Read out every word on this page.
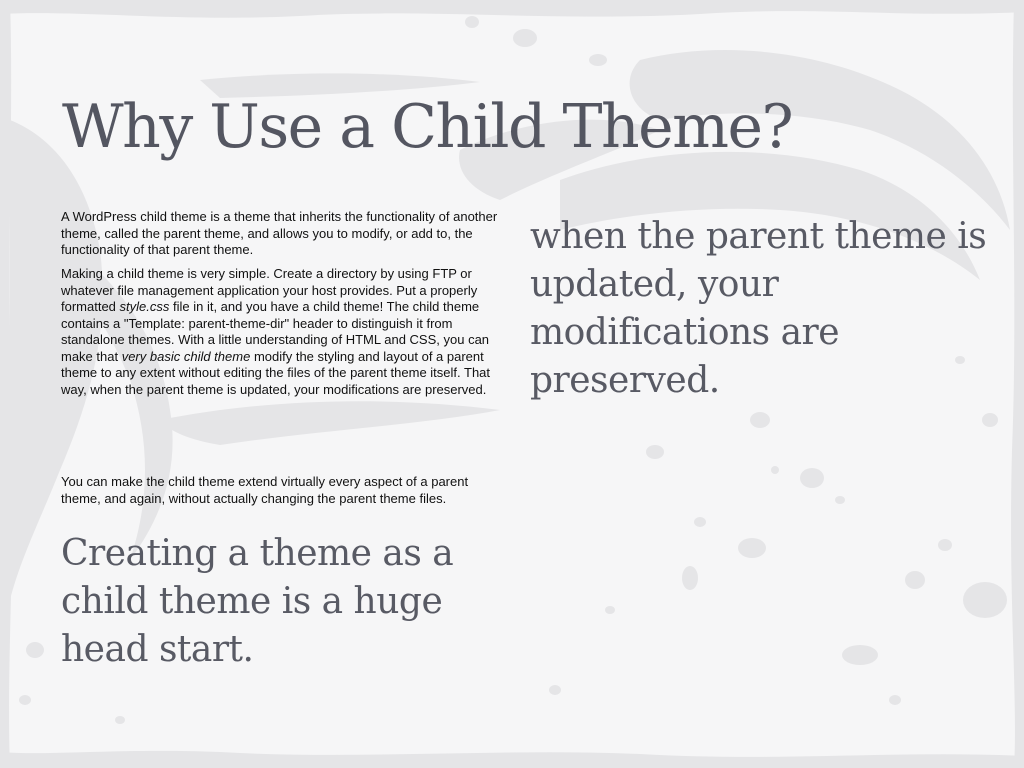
Why Use a Child Theme?

A WordPress child theme is a theme that inherits the functionality of another theme, called the parent theme, and allows you to modify, or add to, the functionality of that parent theme.

Making a child theme is very simple. Create a directory by using FTP or whatever file management application your host provides. Put a properly formatted style.css file in it, and you have a child theme! The child theme contains a "Template: parent-theme-dir" header to distinguish it from standalone themes. With a little understanding of HTML and CSS, you can make that very basic child theme modify the styling and layout of a parent theme to any extent without editing the files of the parent theme itself. That way, when the parent theme is updated, your modifications are preserved.

You can make the child theme extend virtually every aspect of a parent theme, and again, without actually changing the parent theme files.

when the parent theme is updated, your modifications are preserved.

Creating a theme as a child theme is a huge head start.
